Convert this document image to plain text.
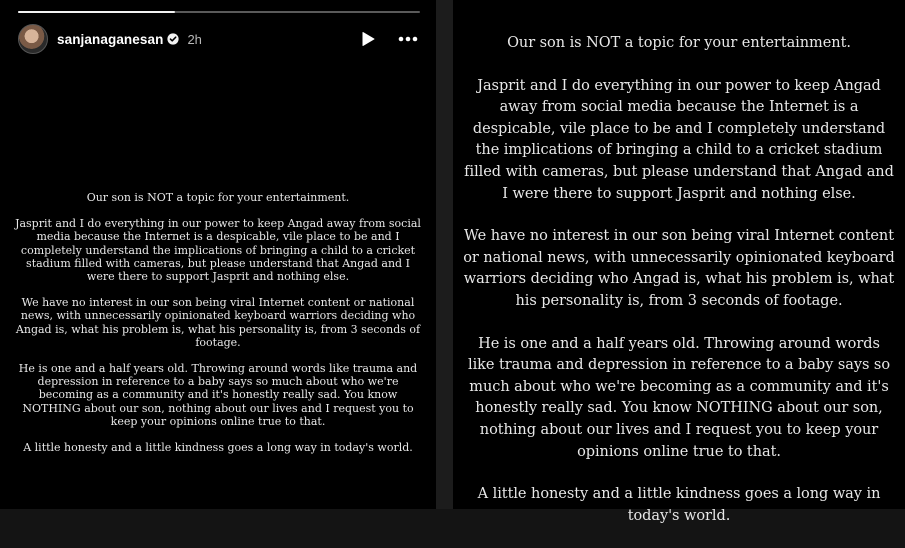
sanjanaganesan 2h

Our son is NOT a topic for your entertainment.

Jasprit and I do everything in our power to keep Angad away from social media because the Internet is a despicable, vile place to be and I completely understand the implications of bringing a child to a cricket stadium filled with cameras, but please understand that Angad and I were there to support Jasprit and nothing else.

We have no interest in our son being viral Internet content or national news, with unnecessarily opinionated keyboard warriors deciding who Angad is, what his problem is, what his personality is, from 3 seconds of footage.

He is one and a half years old. Throwing around words like trauma and depression in reference to a baby says so much about who we're becoming as a community and it's honestly really sad. You know NOTHING about our son, nothing about our lives and I request you to keep your opinions online true to that.

A little honesty and a little kindness goes a long way in today's world.

Our son is NOT a topic for your entertainment.

Jasprit and I do everything in our power to keep Angad away from social media because the Internet is a despicable, vile place to be and I completely understand the implications of bringing a child to a cricket stadium filled with cameras, but please understand that Angad and I were there to support Jasprit and nothing else.

We have no interest in our son being viral Internet content or national news, with unnecessarily opinionated keyboard warriors deciding who Angad is, what his problem is, what his personality is, from 3 seconds of footage.

He is one and a half years old. Throwing around words like trauma and depression in reference to a baby says so much about who we're becoming as a community and it's honestly really sad. You know NOTHING about our son, nothing about our lives and I request you to keep your opinions online true to that.

A little honesty and a little kindness goes a long way in today's world.
